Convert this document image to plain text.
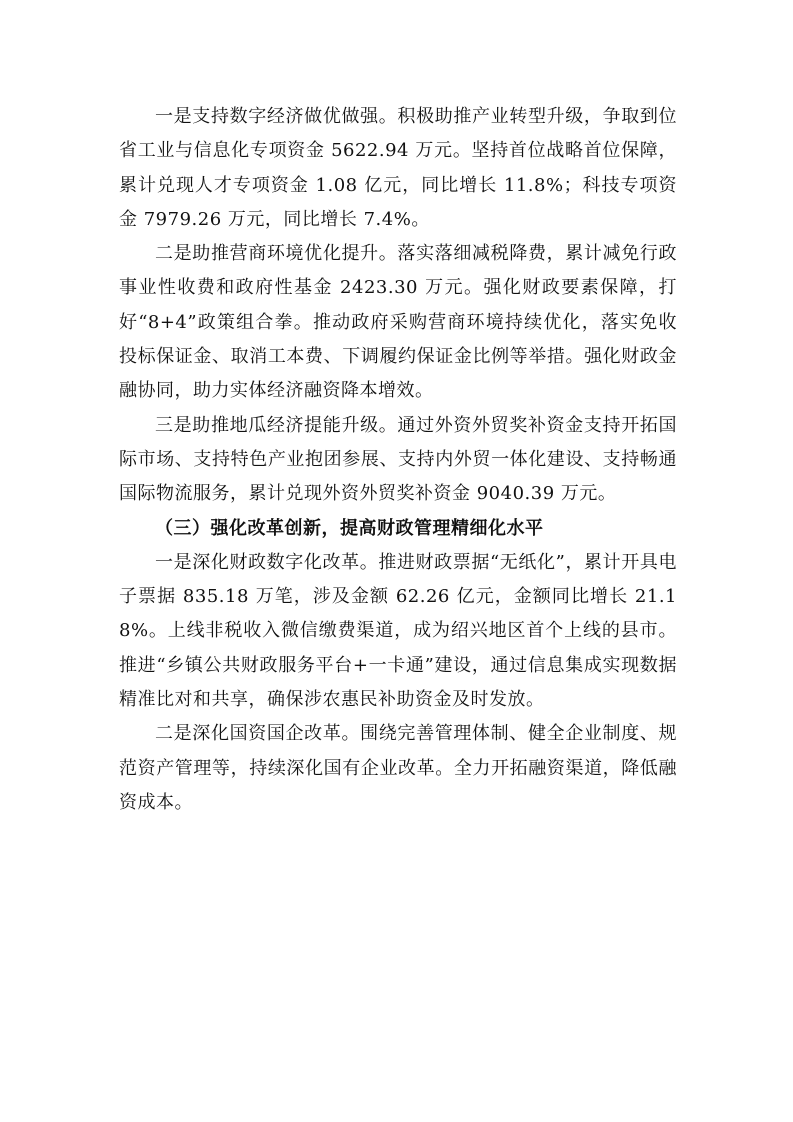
一是支持数字经济做优做强。积极助推产业转型升级，争取到位省工业与信息化专项资金 5622.94 万元。坚持首位战略首位保障，累计兑现人才专项资金 1.08 亿元，同比增长 11.8%；科技专项资金 7979.26 万元，同比增长 7.4%。

二是助推营商环境优化提升。落实落细减税降费，累计减免行政事业性收费和政府性基金 2423.30 万元。强化财政要素保障，打好“8+4”政策组合拳。推动政府采购营商环境持续优化，落实免收投标保证金、取消工本费、下调履约保证金比例等举措。强化财政金融协同，助力实体经济融资降本增效。

三是助推地瓜经济提能升级。通过外资外贸奖补资金支持开拓国际市场、支持特色产业抱团参展、支持内外贸一体化建设、支持畅通国际物流服务，累计兑现外资外贸奖补资金 9040.39 万元。

（三）强化改革创新，提高财政管理精细化水平

一是深化财政数字化改革。推进财政票据“无纸化”，累计开具电子票据 835.18 万笔，涉及金额 62.26 亿元，金额同比增长 21.18%。上线非税收入微信缴费渠道，成为绍兴地区首个上线的县市。推进“乡镇公共财政服务平台+一卡通”建设，通过信息集成实现数据精准比对和共享，确保涉农惠民补助资金及时发放。

二是深化国资国企改革。围绕完善管理体制、健全企业制度、规范资产管理等，持续深化国有企业改革。全力开拓融资渠道，降低融资成本。
